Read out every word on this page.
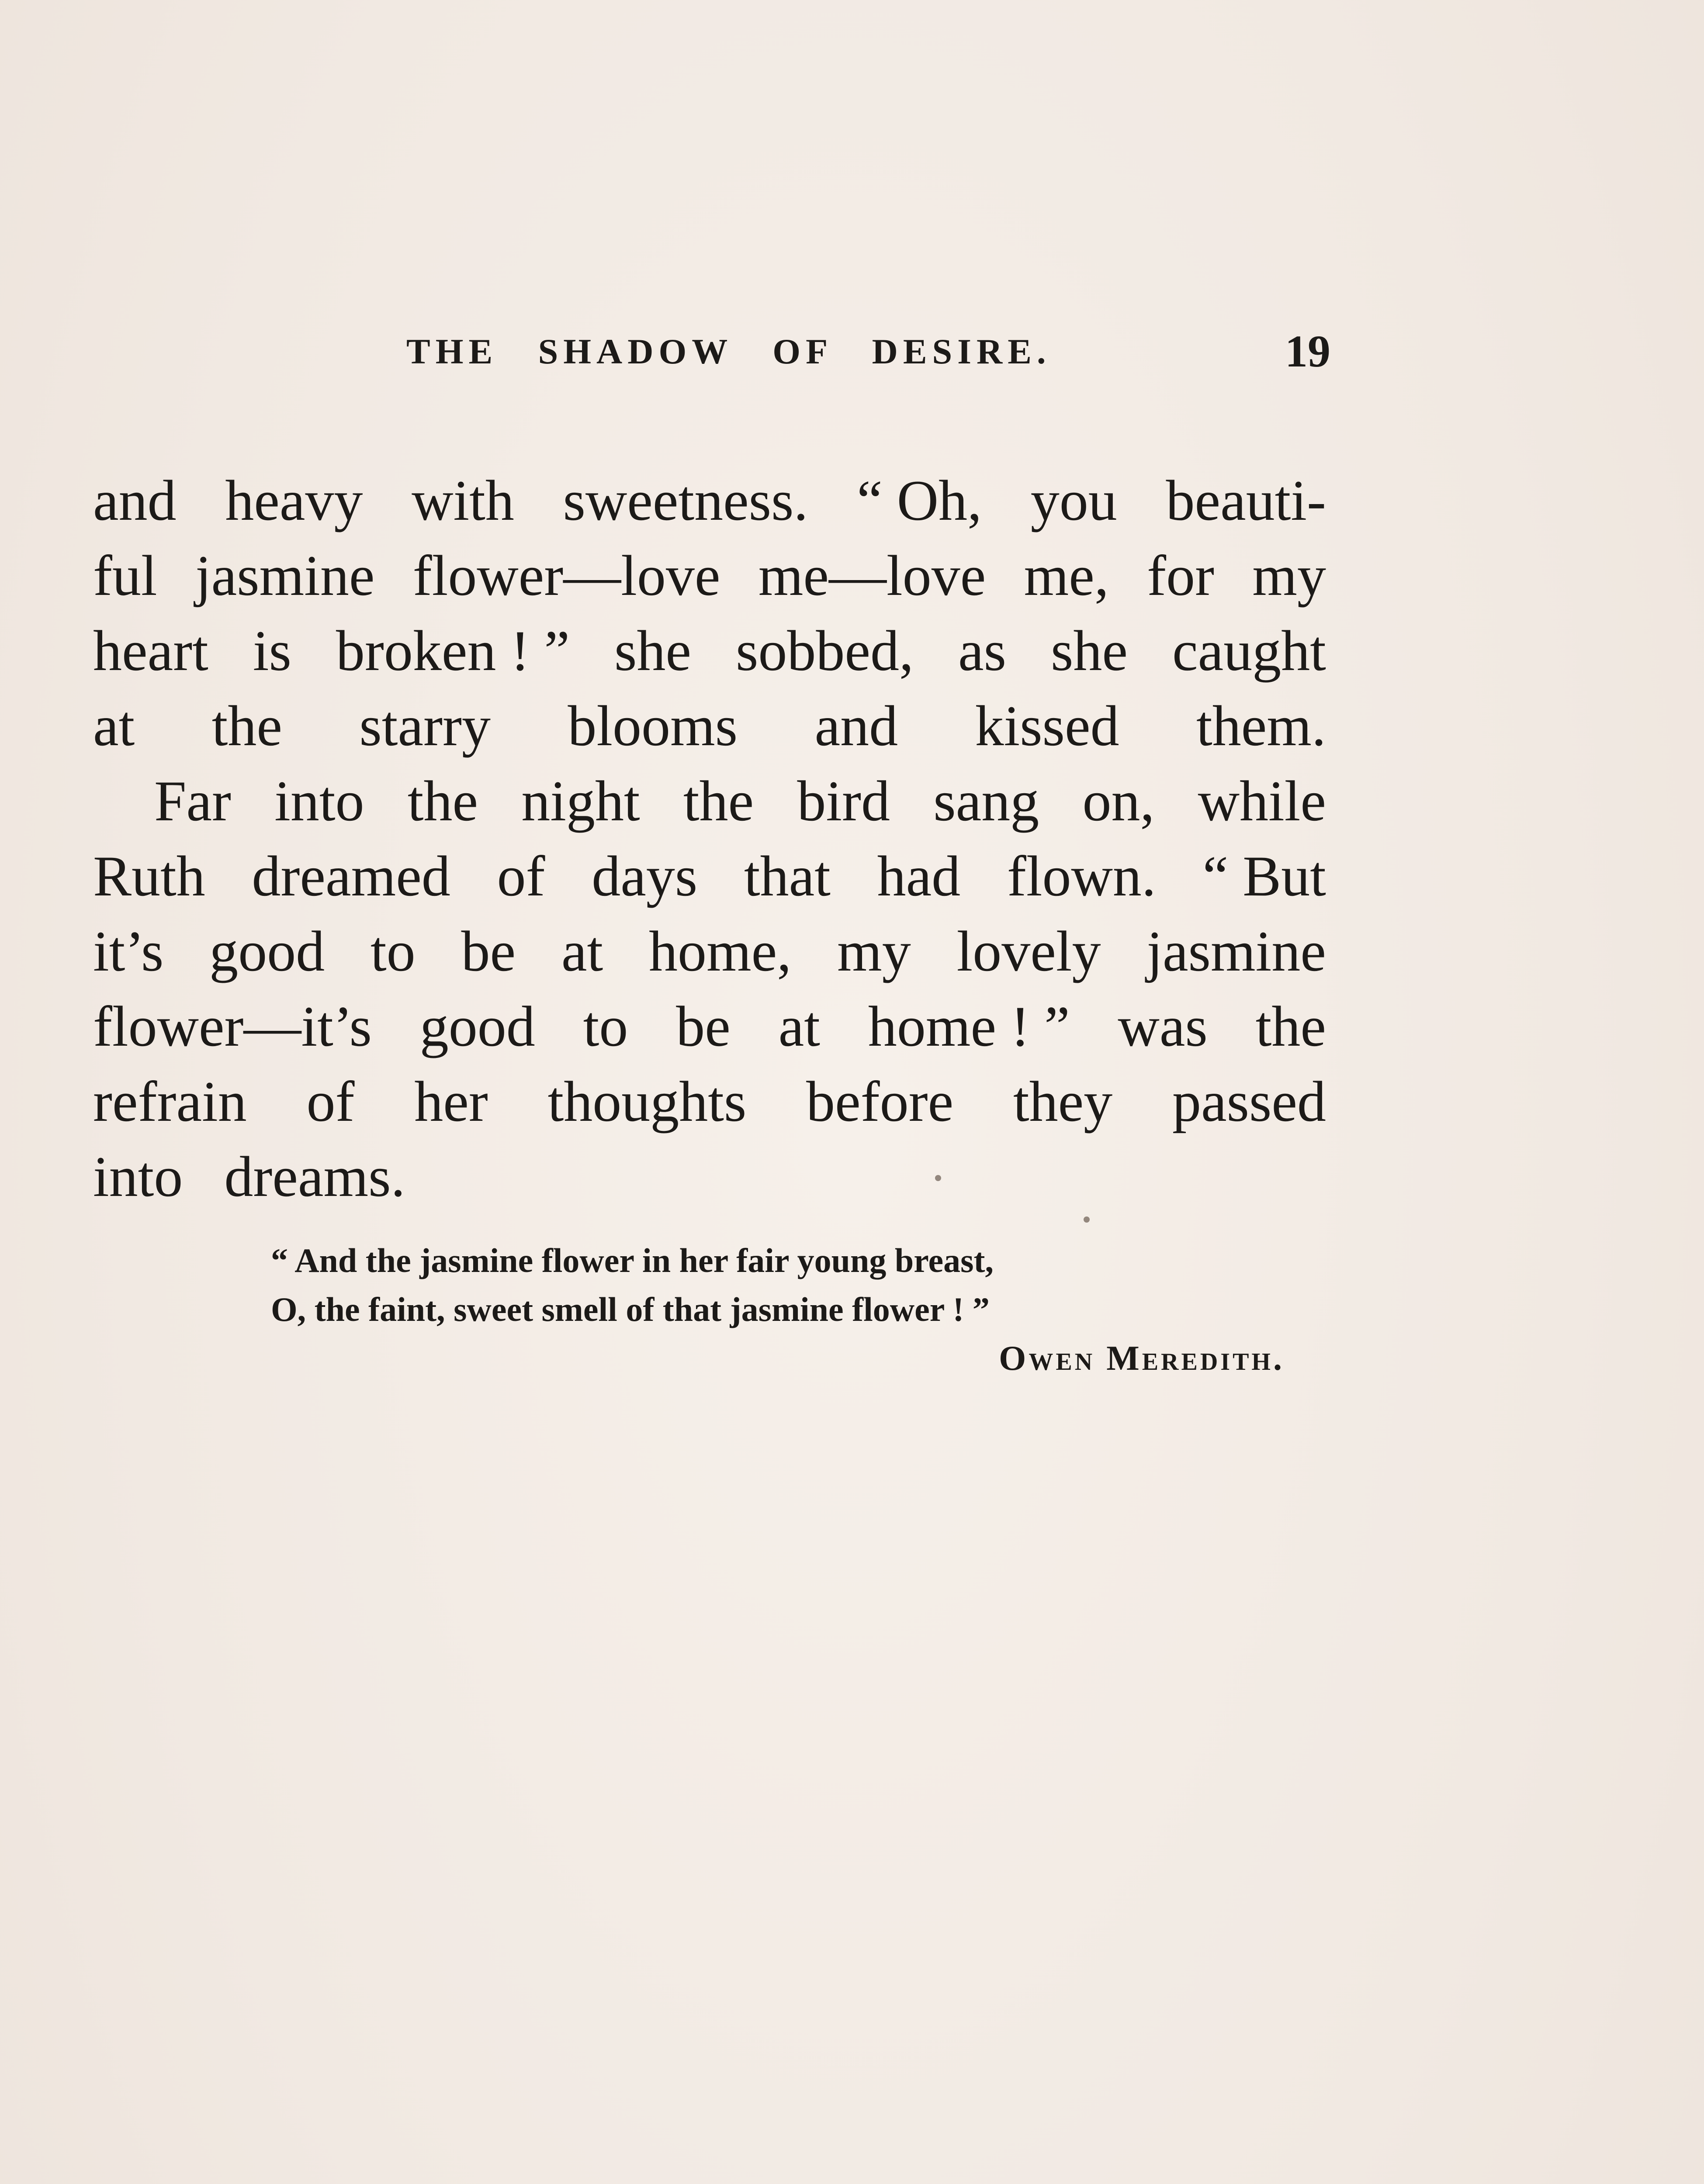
THE SHADOW OF DESIRE.	19
and heavy with sweetness. “ Oh, you beauti-
ful jasmine flower—love me—love me, for my
heart is broken ! ” she sobbed, as she caught
at the starry blooms and kissed them.
Far into the night the bird sang on, while
Ruth dreamed of days that had flown. “ But
it’s good to be at home, my lovely jasmine
flower—it’s good to be at home ! ” was the
refrain of her thoughts before they passed
into dreams.
“ And the jasmine flower in her fair young breast,
O, the faint, sweet smell of that jasmine flower ! ”
Owen Meredith.
